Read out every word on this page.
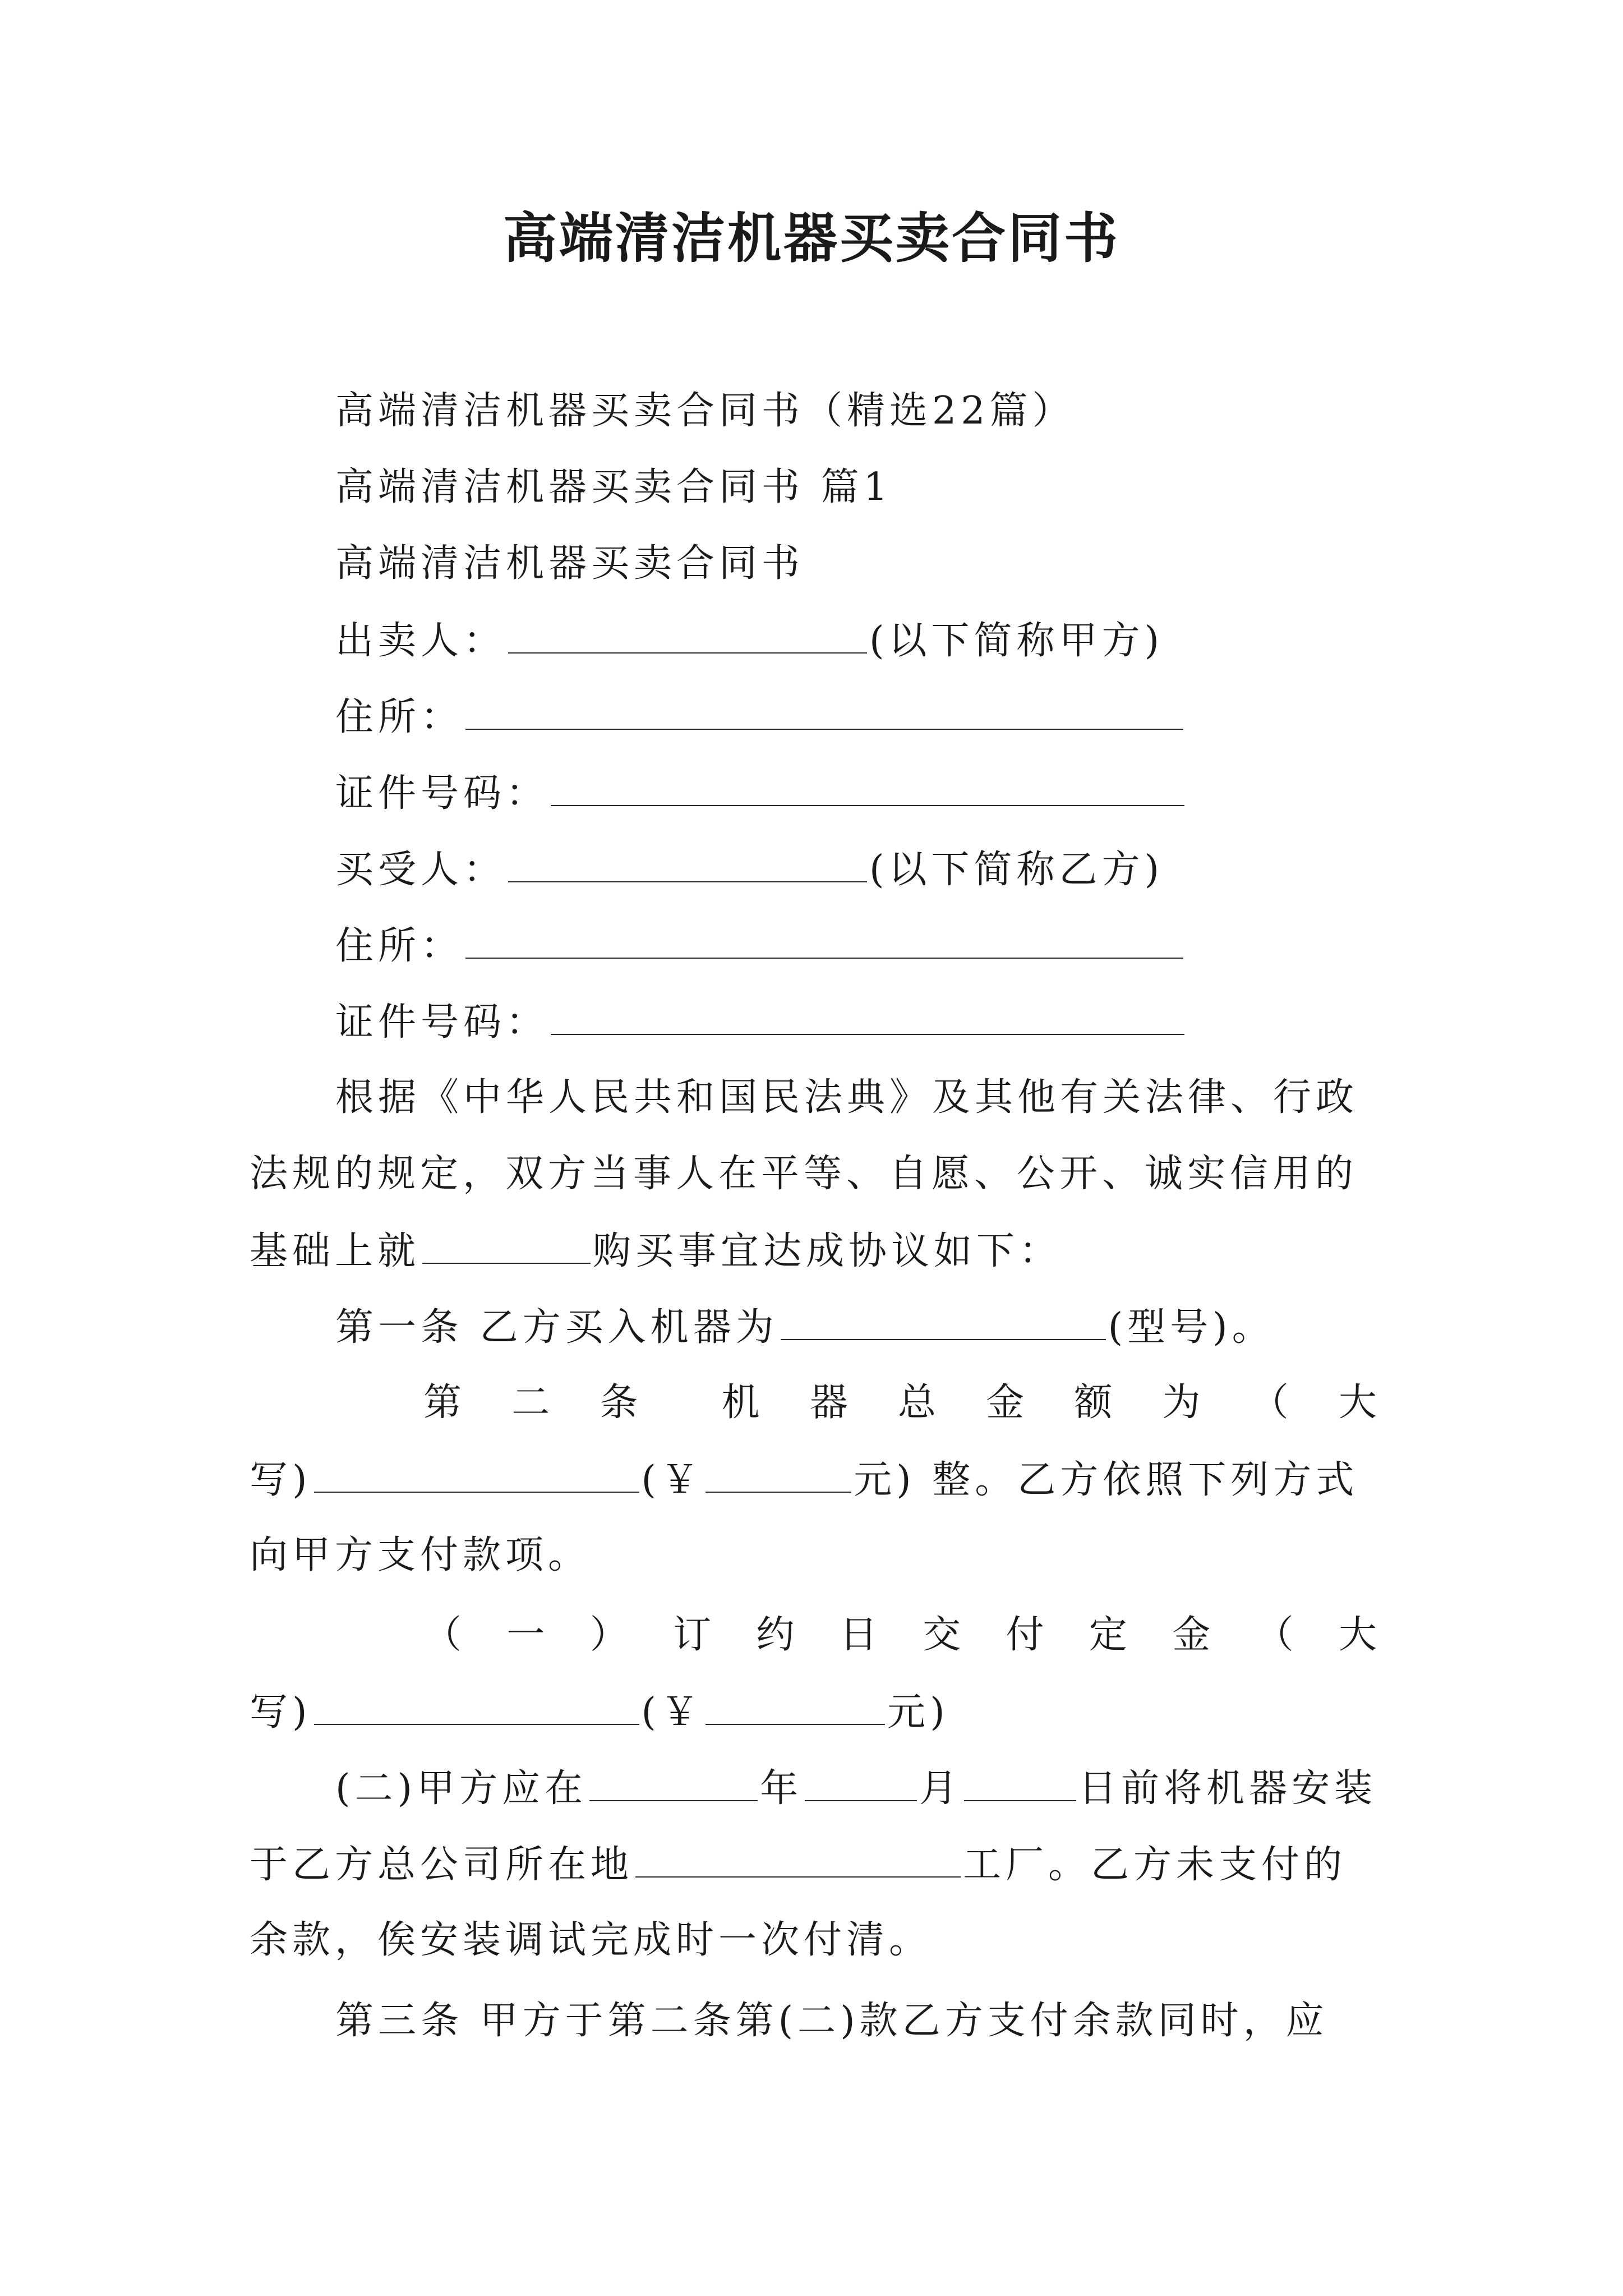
高端清洁机器买卖合同书
高端清洁机器买卖合同书（精选22篇）
高端清洁机器买卖合同书 篇1
高端清洁机器买卖合同书
出卖人：	(以下简称甲方)
住所：
证件号码：
买受人：	(以下简称乙方)
住所：
证件号码：
根据《中华人民共和国民法典》及其他有关法律、行政
法规的规定，双方当事人在平等、自愿、公开、诚实信用的
基础上就	购买事宜达成协议如下：
第一条 乙方买入机器为	(型号)。
第 二 条 机 器 总 金 额 为 （ 大
写)	(￥	元) 整。乙方依照下列方式
向甲方支付款项。
（ 一 ） 订 约 日 交 付 定 金 （ 大
写)	(￥	元)
(二)甲方应在	年	月	日前将机器安装
于乙方总公司所在地	工厂。乙方未支付的
余款，俟安装调试完成时一次付清。
第三条 甲方于第二条第(二)款乙方支付余款同时，应
